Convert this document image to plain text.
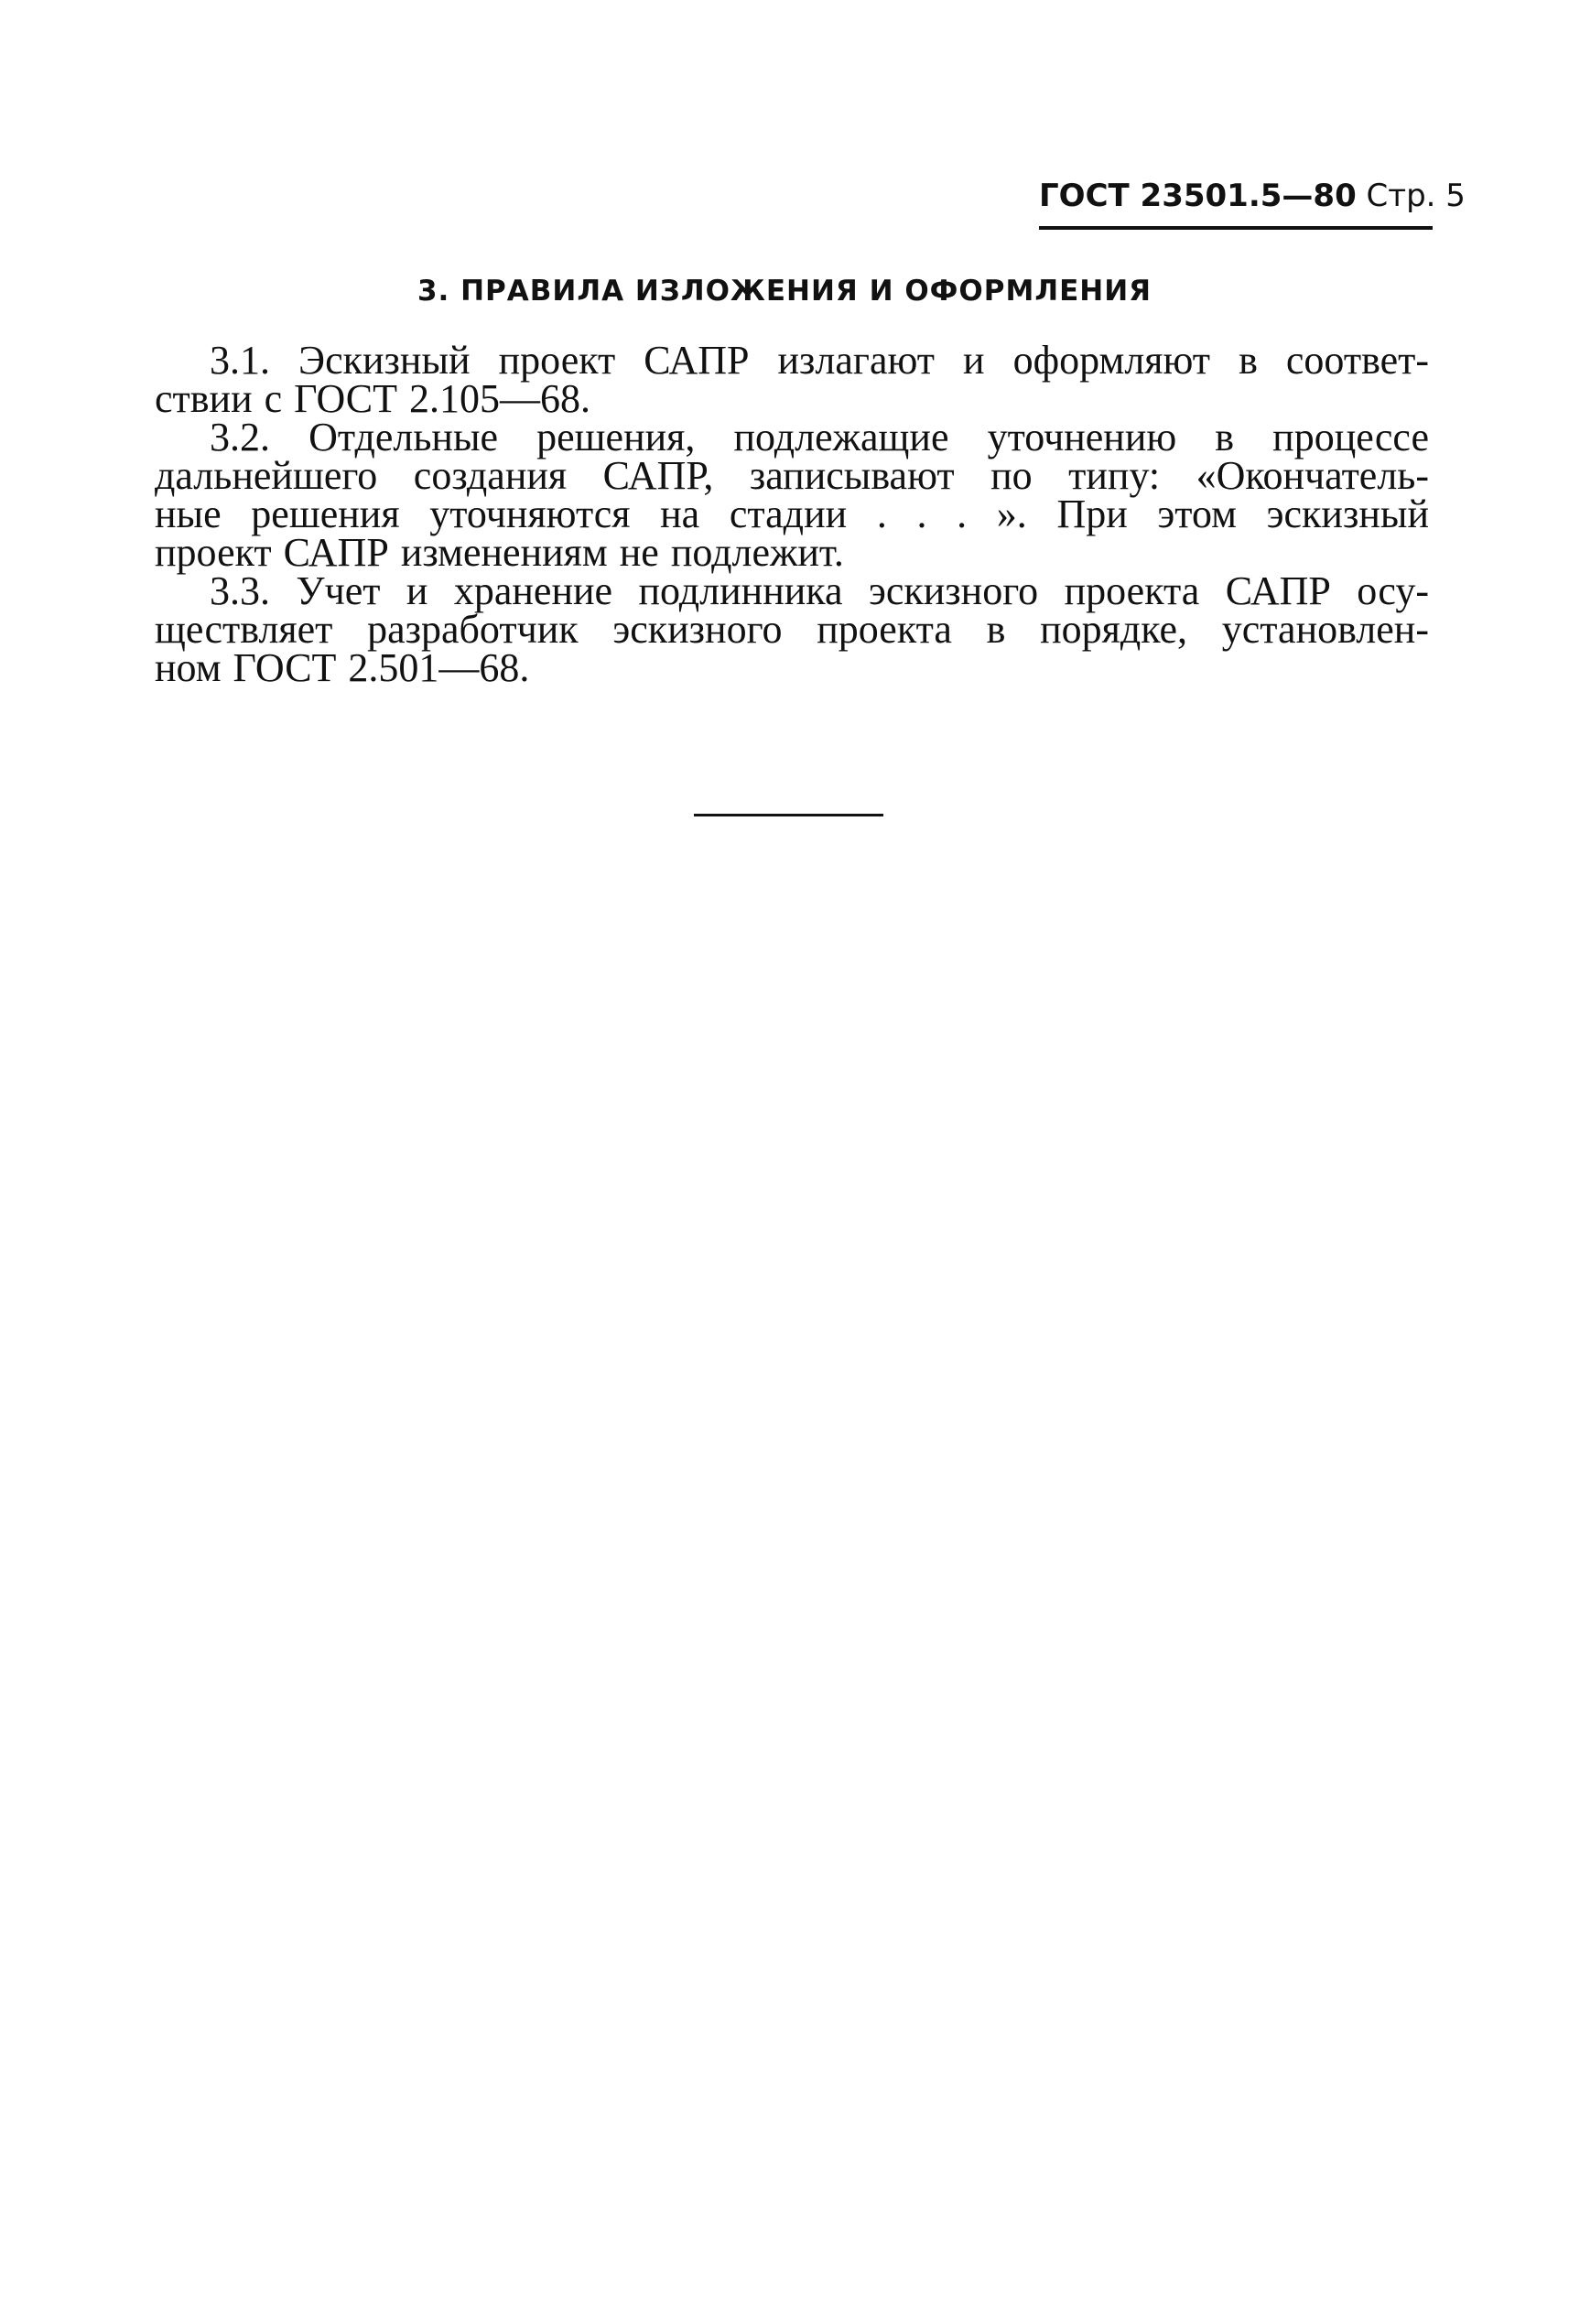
ГОСТ 23501.5—80 Стр. 5
3. ПРАВИЛА ИЗЛОЖЕНИЯ И ОФОРМЛЕНИЯ
3.1. Эскизный проект САПР излагают и оформляют в соответ-
ствии с ГОСТ 2.105—68.
3.2. Отдельные решения, подлежащие уточнению в процессе
дальнейшего создания САПР, записывают по типу: «Окончатель-
ные решения уточняются на стадии . . . ». При этом эскизный
проект САПР изменениям не подлежит.
3.3. Учет и хранение подлинника эскизного проекта САПР осу-
ществляет разработчик эскизного проекта в порядке, установлен-
ном ГОСТ 2.501—68.
